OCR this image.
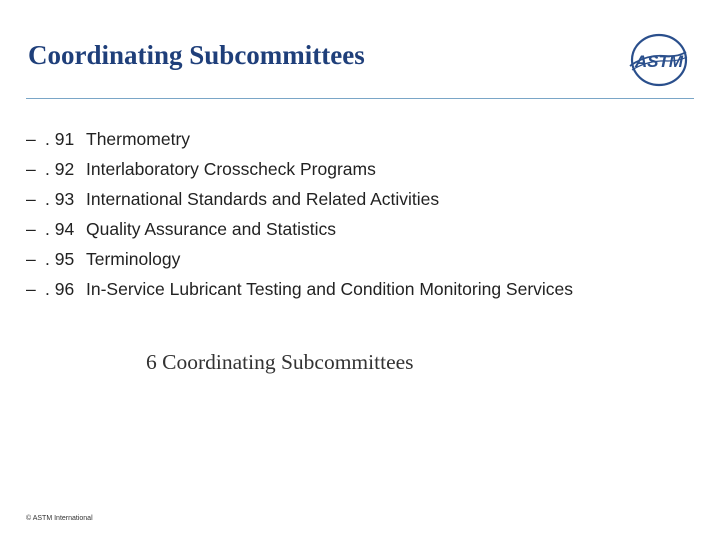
Coordinating Subcommittees	ASTM
– . 91 Thermometry
– . 92 Interlaboratory Crosscheck Programs
– . 93 International Standards and Related Activities
– . 94 Quality Assurance and Statistics
– . 95 Terminology
– . 96 In-Service Lubricant Testing and Condition Monitoring Services
6 Coordinating Subcommittees
© ASTM International
